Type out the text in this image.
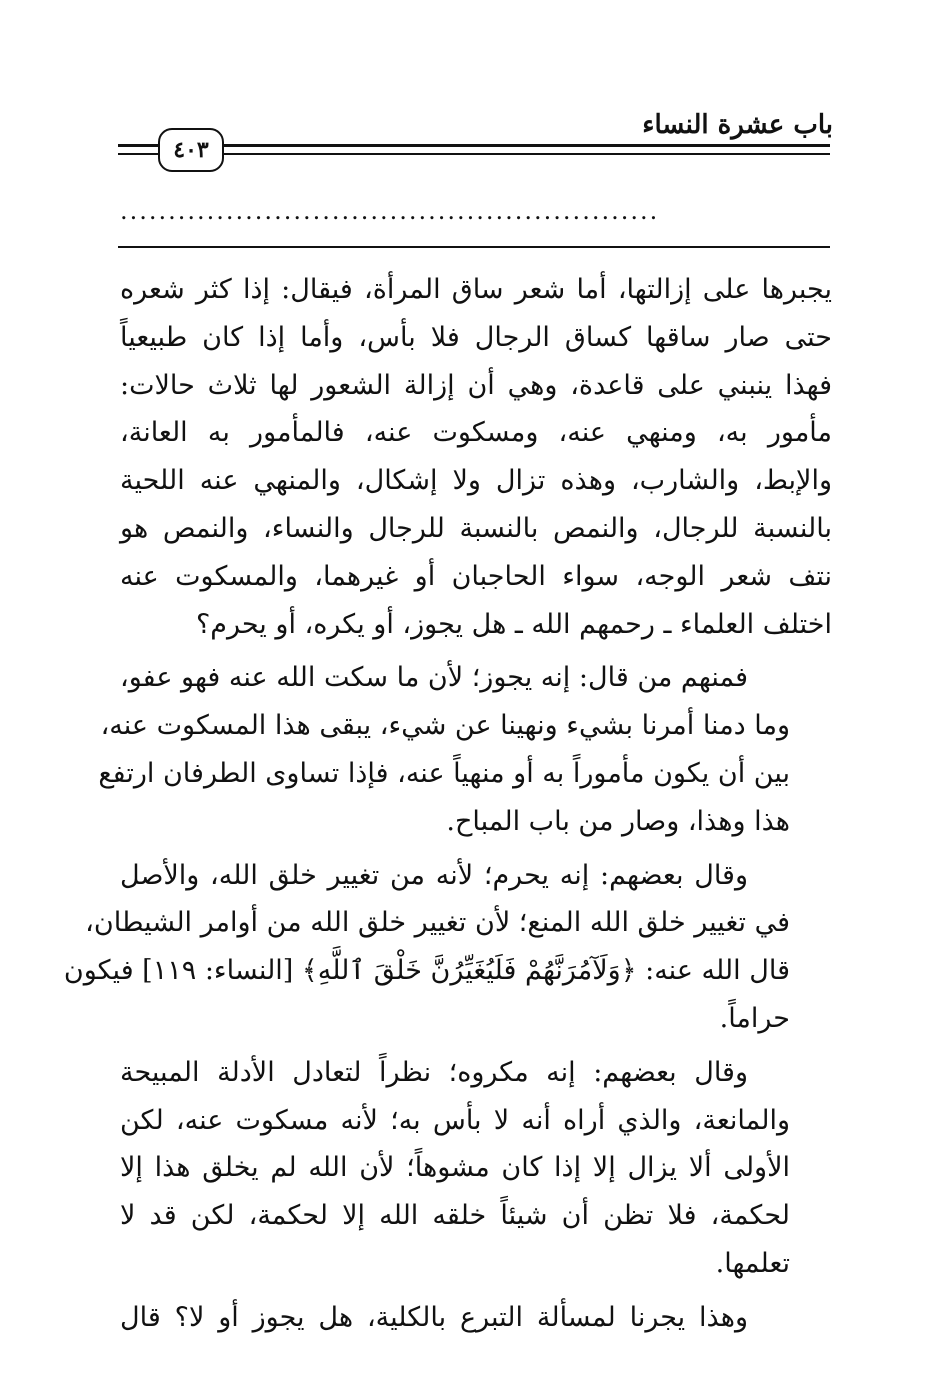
باب عشرة النساء
٤٠٣
........................................................

يجبرها على إزالتها، أما شعر ساق المرأة، فيقال: إذا كثر شعره
حتى صار ساقها كساق الرجال فلا بأس، وأما إذا كان طبيعياً
فهذا ينبني على قاعدة، وهي أن إزالة الشعور لها ثلاث حالات:
مأمور به، ومنهي عنه، ومسكوت عنه، فالمأمور به العانة،
والإبط، والشارب، وهذه تزال ولا إشكال، والمنهي عنه اللحية
بالنسبة للرجال، والنمص بالنسبة للرجال والنساء، والنمص هو
نتف شعر الوجه، سواء الحاجبان أو غيرهما، والمسكوت عنه
اختلف العلماء ـ رحمهم الله ـ هل يجوز، أو يكره، أو يحرم؟

فمنهم من قال: إنه يجوز؛ لأن ما سكت الله عنه فهو عفو،
وما دمنا أمرنا بشيء ونهينا عن شيء، يبقى هذا المسكوت عنه،
بين أن يكون مأموراً به أو منهياً عنه، فإذا تساوى الطرفان ارتفع
هذا وهذا، وصار من باب المباح.

وقال بعضهم: إنه يحرم؛ لأنه من تغيير خلق الله، والأصل
في تغيير خلق الله المنع؛ لأن تغيير خلق الله من أوامر الشيطان،
قال الله عنه: ﴿وَلَآمُرَنَّهُمْ فَلَيُغَيِّرُنَّ خَلْقَ ٱللَّهِ﴾ [النساء: ١١٩] فيكون
حراماً.

وقال بعضهم: إنه مكروه؛ نظراً لتعادل الأدلة المبيحة
والمانعة، والذي أراه أنه لا بأس به؛ لأنه مسكوت عنه، لكن
الأولى ألا يزال إلا إذا كان مشوهاً؛ لأن الله لم يخلق هذا إلا
لحكمة، فلا تظن أن شيئاً خلقه الله إلا لحكمة، لكن قد لا
تعلمها.

وهذا يجرنا لمسألة التبرع بالكلية، هل يجوز أو لا؟ قال
